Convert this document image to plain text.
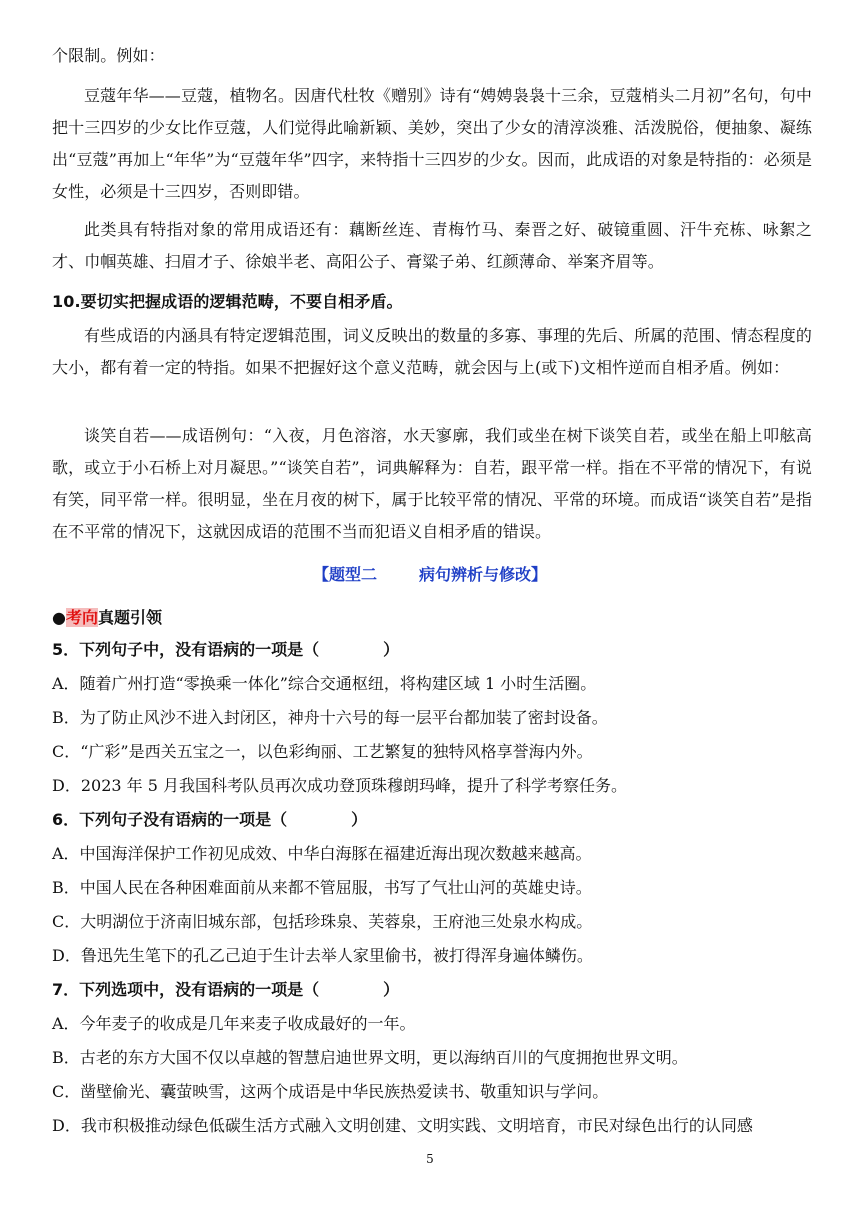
个限制。例如：
豆蔻年华——豆蔻，植物名。因唐代杜牧《赠别》诗有“娉娉袅袅十三余，豆蔻梢头二月初”名句，句中把十三四岁的少女比作豆蔻，人们觉得此喻新颖、美妙，突出了少女的清淳淡雅、活泼脱俗，便抽象、凝练出“豆蔻”再加上“年华”为“豆蔻年华”四字，来特指十三四岁的少女。因而，此成语的对象是特指的：必须是女性，必须是十三四岁，否则即错。
此类具有特指对象的常用成语还有：藕断丝连、青梅竹马、秦晋之好、破镜重圆、汗牛充栋、咏絮之才、巾帼英雄、扫眉才子、徐娘半老、高阳公子、膏粱子弟、红颜薄命、举案齐眉等。
10.要切实把握成语的逻辑范畴，不要自相矛盾。
有些成语的内涵具有特定逻辑范围，词义反映出的数量的多寡、事理的先后、所属的范围、情态程度的大小，都有着一定的特指。如果不把握好这个意义范畴，就会因与上(或下)文相忤逆而自相矛盾。例如：
谈笑自若——成语例句：“入夜，月色溶溶，水天寥廓，我们或坐在树下谈笑自若，或坐在船上叩舷高歌，或立于小石桥上对月凝思。”“谈笑自若”，词典解释为：自若，跟平常一样。指在不平常的情况下，有说有笑，同平常一样。很明显，坐在月夜的树下，属于比较平常的情况、平常的环境。而成语“谈笑自若”是指在不平常的情况下，这就因成语的范围不当而犯语义自相矛盾的错误。
【题型二	病句辨析与修改】
●考向真题引领
5．下列句子中，没有语病的一项是（	）
A．随着广州打造“零换乘一体化”综合交通枢纽，将构建区域 1 小时生活圈。
B．为了防止风沙不进入封闭区，神舟十六号的每一层平台都加装了密封设备。
C．“广彩”是西关五宝之一，以色彩绚丽、工艺繁复的独特风格享誉海内外。
D．2023 年 5 月我国科考队员再次成功登顶珠穆朗玛峰，提升了科学考察任务。
6．下列句子没有语病的一项是（	）
A．中国海洋保护工作初见成效、中华白海豚在福建近海出现次数越来越高。
B．中国人民在各种困难面前从来都不管屈服，书写了气壮山河的英雄史诗。
C．大明湖位于济南旧城东部，包括珍珠泉、芙蓉泉，王府池三处泉水构成。
D．鲁迅先生笔下的孔乙己迫于生计去举人家里偷书，被打得浑身遍体鳞伤。
7．下列选项中，没有语病的一项是（	）
A．今年麦子的收成是几年来麦子收成最好的一年。
B．古老的东方大国不仅以卓越的智慧启迪世界文明，更以海纳百川的气度拥抱世界文明。
C．凿壁偷光、囊萤映雪，这两个成语是中华民族热爱读书、敬重知识与学问。
D．我市积极推动绿色低碳生活方式融入文明创建、文明实践、文明培育，市民对绿色出行的认同感
5
